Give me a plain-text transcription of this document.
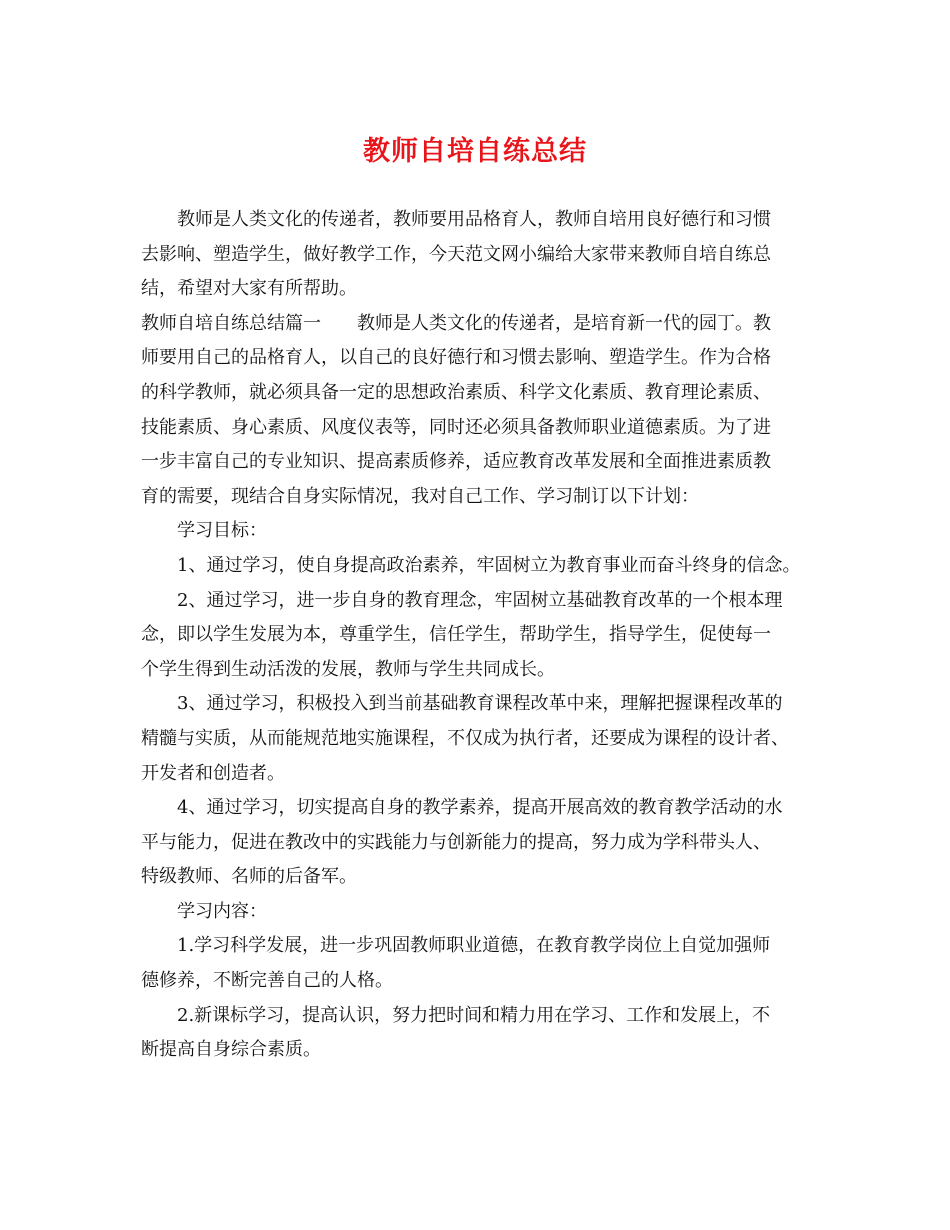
教师自培自练总结
教师是人类文化的传递者，教师要用品格育人，教师自培用良好德行和习惯
去影响、塑造学生，做好教学工作，今天范文网小编给大家带来教师自培自练总
结，希望对大家有所帮助。
教师自培自练总结篇一　　教师是人类文化的传递者，是培育新一代的园丁。教
师要用自己的品格育人，以自己的良好德行和习惯去影响、塑造学生。作为合格
的科学教师，就必须具备一定的思想政治素质、科学文化素质、教育理论素质、
技能素质、身心素质、风度仪表等，同时还必须具备教师职业道德素质。为了进
一步丰富自己的专业知识、提高素质修养，适应教育改革发展和全面推进素质教
育的需要，现结合自身实际情况，我对自己工作、学习制订以下计划：
学习目标：
1、通过学习，使自身提高政治素养，牢固树立为教育事业而奋斗终身的信念。
2、通过学习，进一步自身的教育理念，牢固树立基础教育改革的一个根本理
念，即以学生发展为本，尊重学生，信任学生，帮助学生，指导学生，促使每一
个学生得到生动活泼的发展，教师与学生共同成长。
3、通过学习，积极投入到当前基础教育课程改革中来，理解把握课程改革的
精髓与实质，从而能规范地实施课程，不仅成为执行者，还要成为课程的设计者、
开发者和创造者。
4、通过学习，切实提高自身的教学素养，提高开展高效的教育教学活动的水
平与能力，促进在教改中的实践能力与创新能力的提高，努力成为学科带头人、
特级教师、名师的后备军。
学习内容：
1.学习科学发展，进一步巩固教师职业道德，在教育教学岗位上自觉加强师
德修养，不断完善自己的人格。
2.新课标学习，提高认识，努力把时间和精力用在学习、工作和发展上，不
断提高自身综合素质。
